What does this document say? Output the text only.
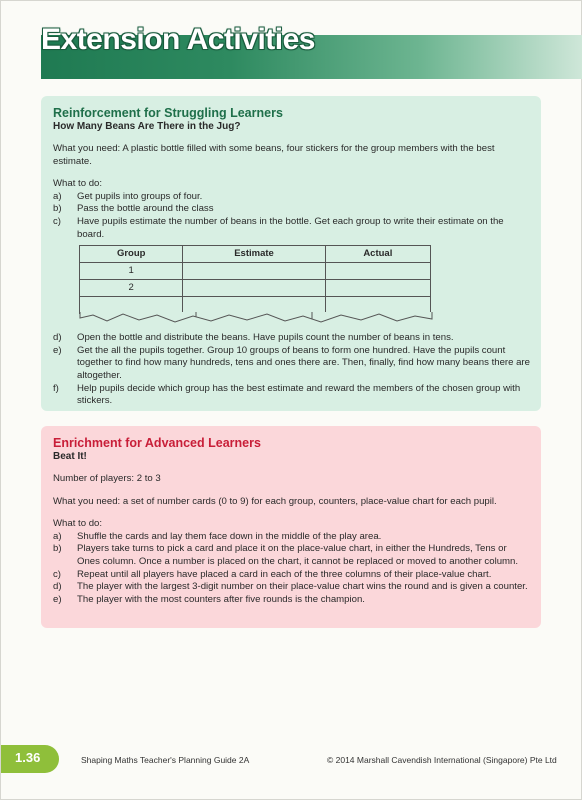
Extension Activities
Reinforcement for Struggling Learners
How Many Beans Are There in the Jug?
What you need: A plastic bottle filled with some beans, four stickers for the group members with the best estimate.
What to do:
a)	Get pupils into groups of four.
b)	Pass the bottle around the class
c)	Have pupils estimate the number of beans in the bottle. Get each group to write their estimate on the board.
Group	Estimate	Actual
1		
2		

d)	Open the bottle and distribute the beans. Have pupils count the number of beans in tens.
e)	Get the all the pupils together. Group 10 groups of beans to form one hundred. Have the pupils count together to find how many hundreds, tens and ones there are. Then, finally, find how many beans there are altogether.
f)	Help pupils decide which group has the best estimate and reward the members of the chosen group with stickers.
Enrichment for Advanced Learners
Beat It!
Number of players: 2 to 3
What you need: a set of number cards (0 to 9) for each group, counters, place-value chart for each pupil.
What to do:
a)	Shuffle the cards and lay them face down in the middle of the play area.
b)	Players take turns to pick a card and place it on the place-value chart, in either the Hundreds, Tens or Ones column. Once a number is placed on the chart, it cannot be replaced or moved to another column.
c)	Repeat until all players have placed a card in each of the three columns of their place-value chart.
d)	The player with the largest 3-digit number on their place-value chart wins the round and is given a counter.
e)	The player with the most counters after five rounds is the champion.
1.36	Shaping Maths Teacher's Planning Guide 2A	© 2014 Marshall Cavendish International (Singapore) Pte Ltd
